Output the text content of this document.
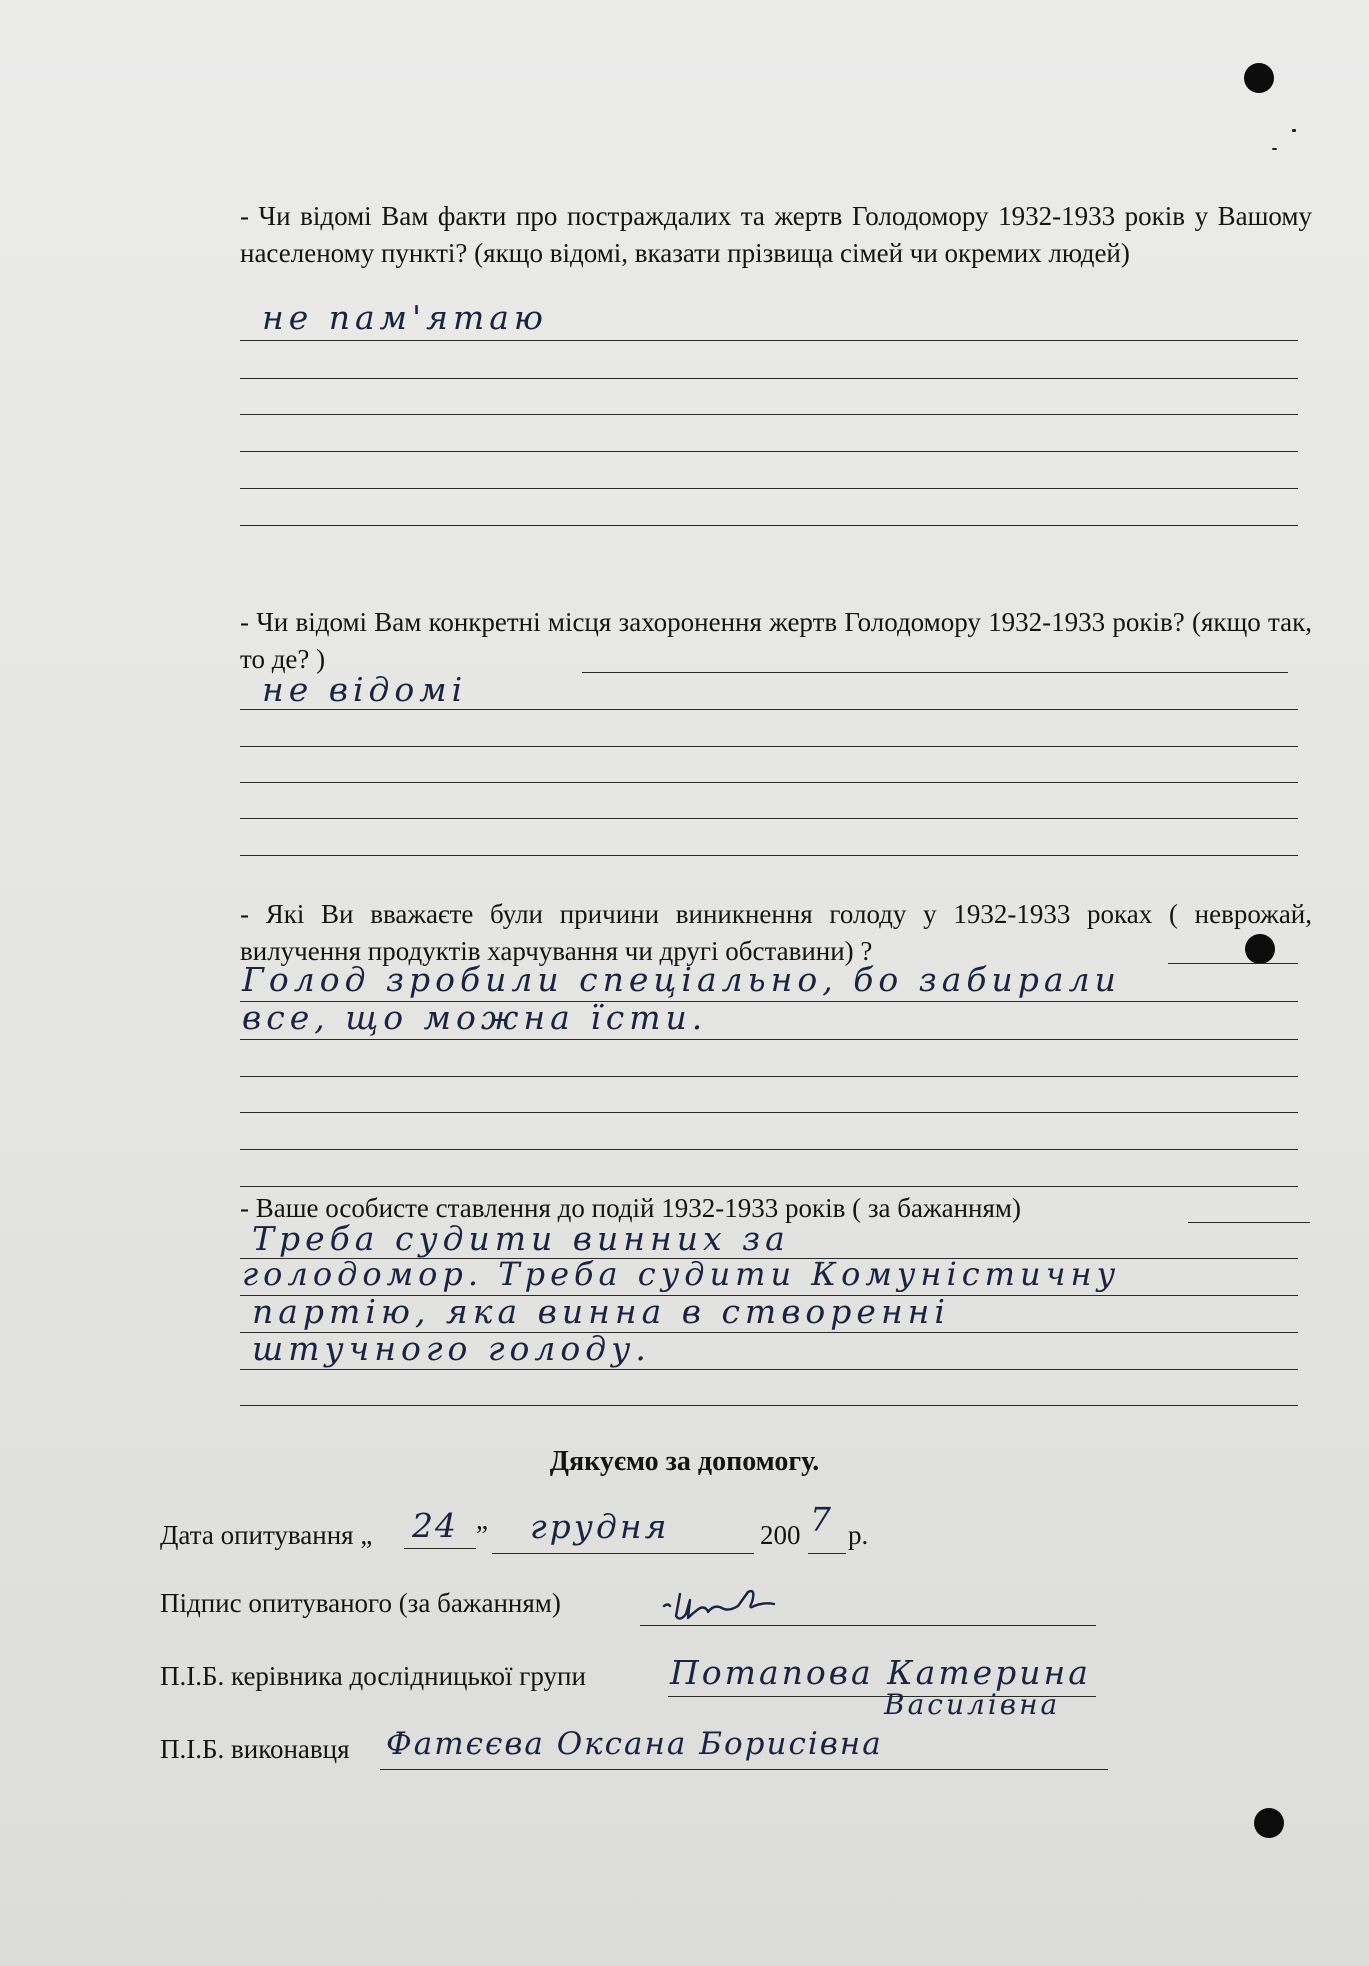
- Чи відомі Вам факти про постраждалих та жертв Голодомору 1932-1933 років у Вашому населеному пункті? (якщо відомі, вказати прізвища сімей чи окремих людей)
не пам'ятаю
- Чи відомі Вам конкретні місця захоронення жертв Голодомору 1932-1933 років? (якщо так, то де? )
не відомі
- Які Ви вважаєте були причини виникнення голоду у 1932-1933 роках ( неврожай, вилучення продуктів харчування чи другі обставини) ?
Голод зробили спеціально, бо забирали
все, що можна їсти.
- Ваше особисте ставлення до подій 1932-1933 років ( за бажанням)
Треба судити винних за
голодомор. Треба судити Комуністичну
партію, яка винна в створенні
штучного голоду.
Дякуємо за допомогу.
Дата опитування „ 24 ” грудня	200 7 р.
Підпис опитуваного (за бажанням)
П.І.Б. керівника дослідницької групи	Потапова Катерина
Василівна
П.І.Б. виконавця Фатєєва Оксана Борисівна
